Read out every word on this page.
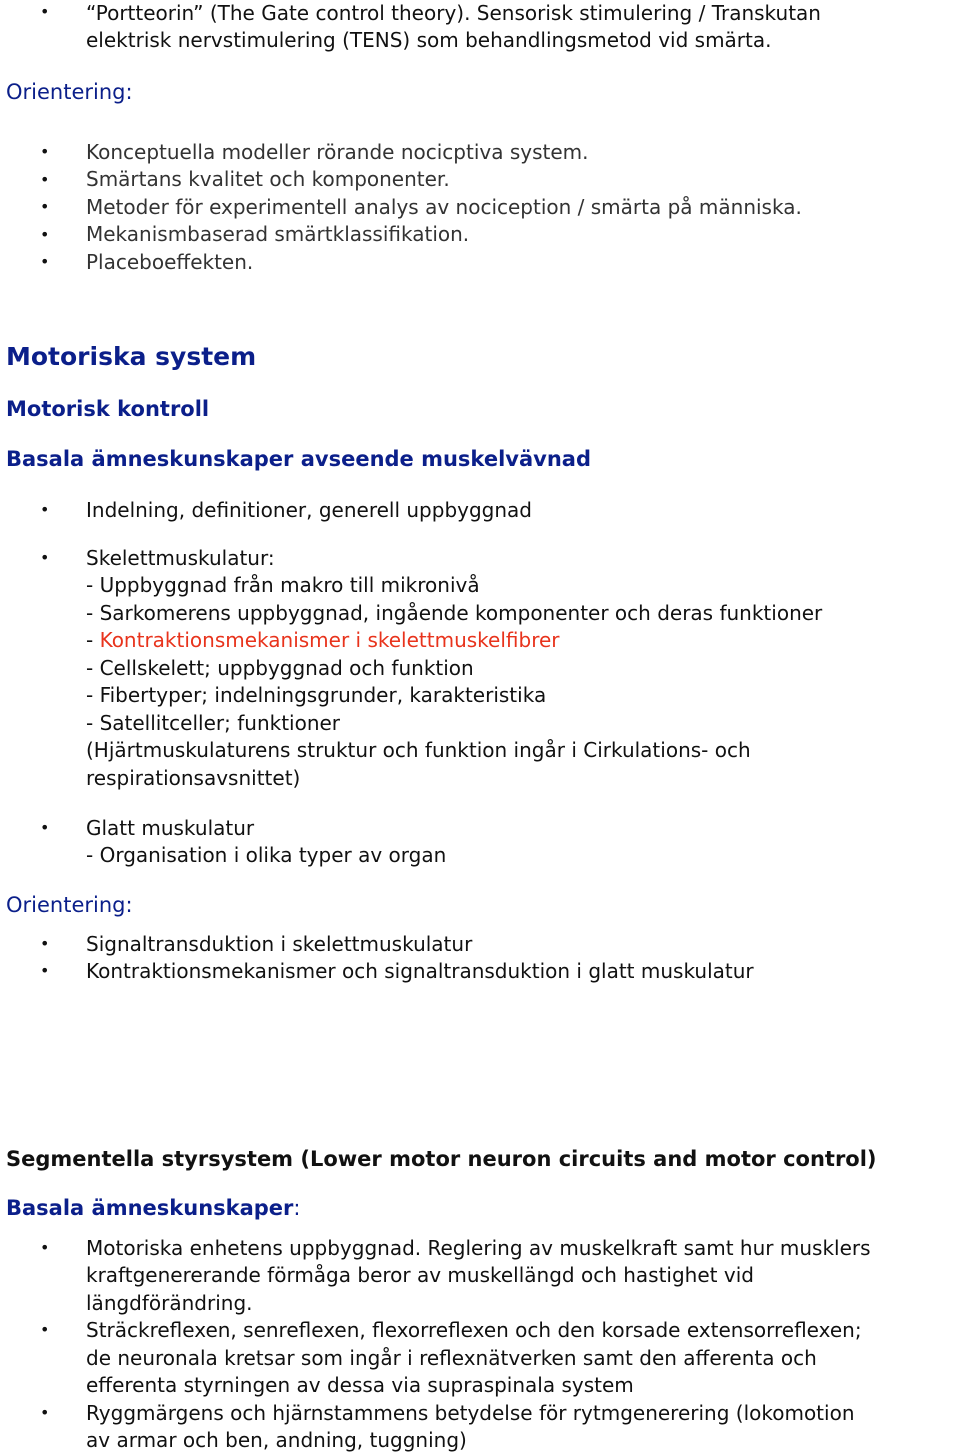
• “Portteorin” (The Gate control theory). Sensorisk stimulering / Transkutan
elektrisk nervstimulering (TENS) som behandlingsmetod vid smärta.
Orientering:
• Konceptuella modeller rörande nocicptiva system.
• Smärtans kvalitet och komponenter.
• Metoder för experimentell analys av nociception / smärta på människa.
• Mekanismbaserad smärtklassifikation.
• Placeboeffekten.
Motoriska system
Motorisk kontroll
Basala ämneskunskaper avseende muskelvävnad
• Indelning, definitioner, generell uppbyggnad
• Skelettmuskulatur:
- Uppbyggnad från makro till mikronivå
- Sarkomerens uppbyggnad, ingående komponenter och deras funktioner
- Kontraktionsmekanismer i skelettmuskelfibrer
- Cellskelett; uppbyggnad och funktion
- Fibertyper; indelningsgrunder, karakteristika
- Satellitceller; funktioner
(Hjärtmuskulaturens struktur och funktion ingår i Cirkulations- och
respirationsavsnittet)
• Glatt muskulatur
- Organisation i olika typer av organ
Orientering:
• Signaltransduktion i skelettmuskulatur
• Kontraktionsmekanismer och signaltransduktion i glatt muskulatur
Segmentella styrsystem (Lower motor neuron circuits and motor control)
Basala ämneskunskaper:
• Motoriska enhetens uppbyggnad. Reglering av muskelkraft samt hur musklers
kraftgenererande förmåga beror av muskellängd och hastighet vid
längdförändring.
• Sträckreflexen, senreflexen, flexorreflexen och den korsade extensorreflexen;
de neuronala kretsar som ingår i reflexnätverken samt den afferenta och
efferenta styrningen av dessa via supraspinala system
• Ryggmärgens och hjärnstammens betydelse för rytmgenerering (lokomotion
av armar och ben, andning, tuggning)
